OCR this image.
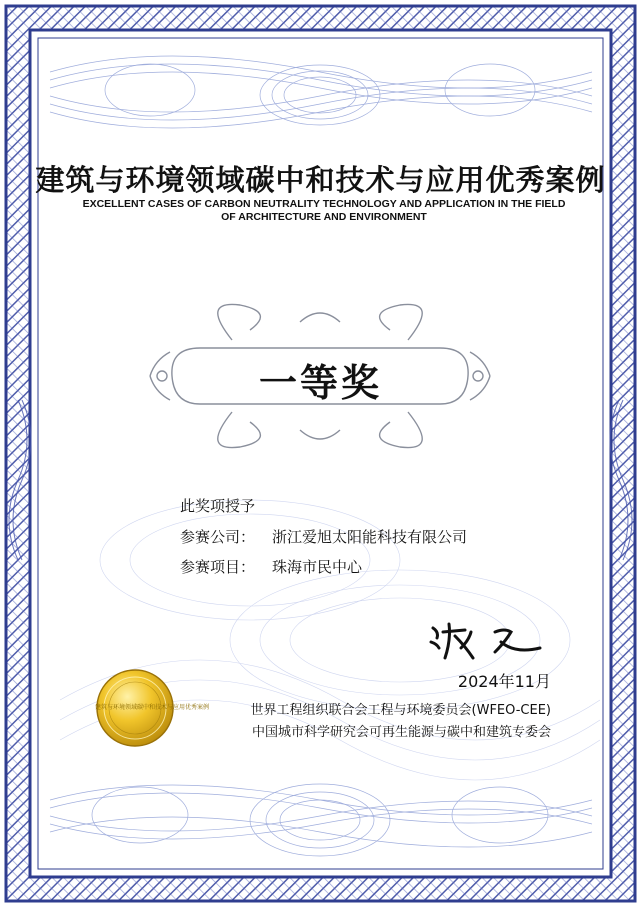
建筑与环境领域碳中和技术与应用优秀案例
EXCELLENT CASES OF CARBON NEUTRALITY TECHNOLOGY AND APPLICATION IN THE FIELD OF ARCHITECTURE AND ENVIRONMENT
一等奖
此奖项授予
参赛公司： 浙江爱旭太阳能科技有限公司
参赛项目： 珠海市民中心
2024年11月
世界工程组织联合会工程与环境委员会(WFEO-CEE)
中国城市科学研究会可再生能源与碳中和建筑专委会
建筑与环境领域碳中和技术与应用优秀案例
